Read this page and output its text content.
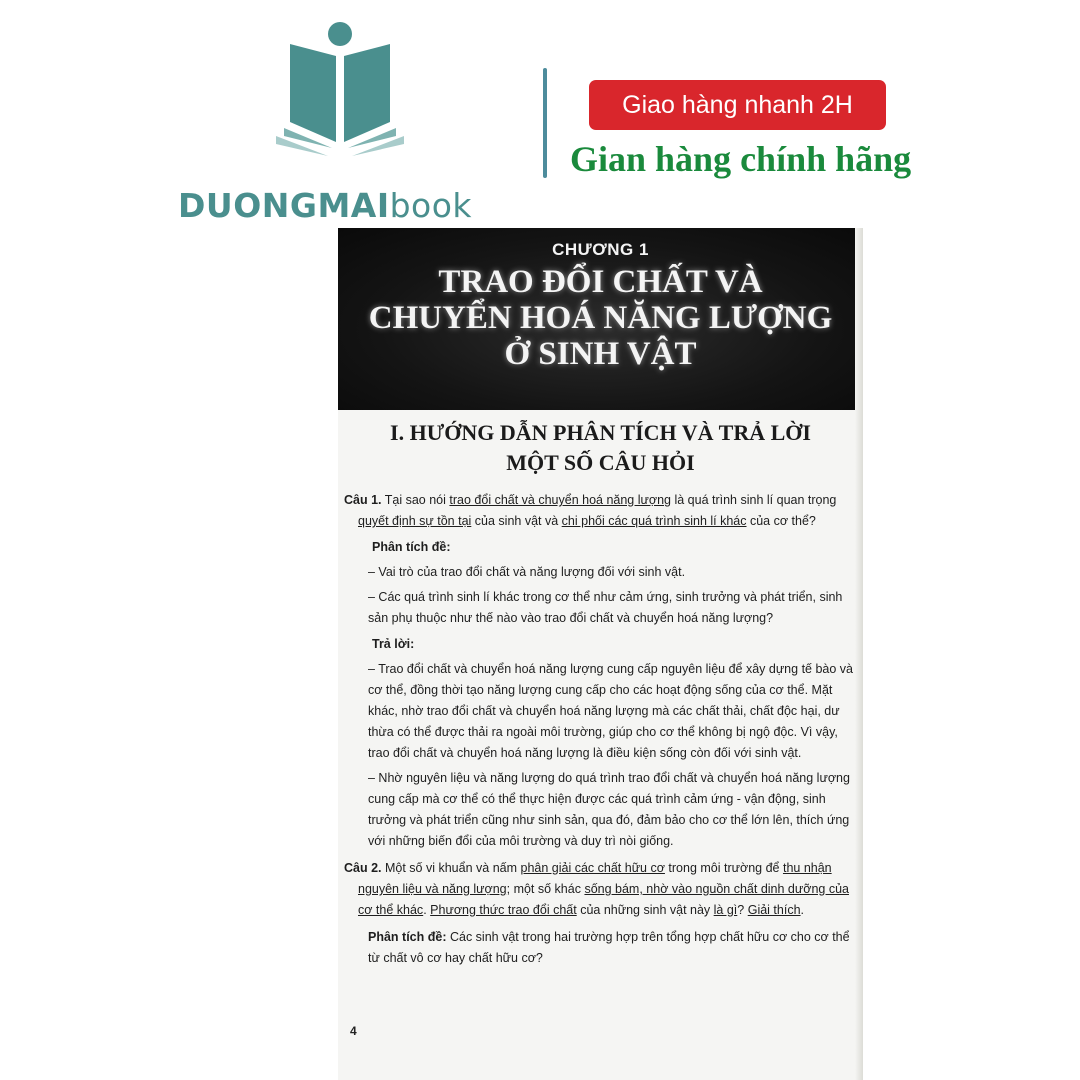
DUONGMAIbook
Giao hàng nhanh 2H
Gian hàng chính hãng
CHƯƠNG 1
TRAO ĐỔI CHẤT VÀ
CHUYỂN HOÁ NĂNG LƯỢNG
Ở SINH VẬT
I. HƯỚNG DẪN PHÂN TÍCH VÀ TRẢ LỜI
MỘT SỐ CÂU HỎI

Câu 1. Tại sao nói trao đổi chất và chuyển hoá năng lượng là quá trình sinh lí quan trọng quyết định sự tồn tại của sinh vật và chi phối các quá trình sinh lí khác của cơ thể?

Phân tích đề:

– Vai trò của trao đổi chất và năng lượng đối với sinh vật.

– Các quá trình sinh lí khác trong cơ thể như cảm ứng, sinh trưởng và phát triển, sinh sản phụ thuộc như thế nào vào trao đổi chất và chuyển hoá năng lượng?

Trả lời:

– Trao đổi chất và chuyển hoá năng lượng cung cấp nguyên liệu để xây dựng tế bào và cơ thể, đồng thời tạo năng lượng cung cấp cho các hoạt động sống của cơ thể. Mặt khác, nhờ trao đổi chất và chuyển hoá năng lượng mà các chất thải, chất độc hại, dư thừa có thể được thải ra ngoài môi trường, giúp cho cơ thể không bị ngộ độc. Vì vậy, trao đổi chất và chuyển hoá năng lượng là điều kiện sống còn đối với sinh vật.

– Nhờ nguyên liệu và năng lượng do quá trình trao đổi chất và chuyển hoá năng lượng cung cấp mà cơ thể có thể thực hiện được các quá trình cảm ứng - vận động, sinh trưởng và phát triển cũng như sinh sản, qua đó, đảm bảo cho cơ thể lớn lên, thích ứng với những biến đổi của môi trường và duy trì nòi giống.

Câu 2. Một số vi khuẩn và nấm phân giải các chất hữu cơ trong môi trường để thu nhận nguyên liệu và năng lượng; một số khác sống bám, nhờ vào nguồn chất dinh dưỡng của cơ thể khác. Phương thức trao đổi chất của những sinh vật này là gì? Giải thích.

Phân tích đề: Các sinh vật trong hai trường hợp trên tổng hợp chất hữu cơ cho cơ thể từ chất vô cơ hay chất hữu cơ?

4
